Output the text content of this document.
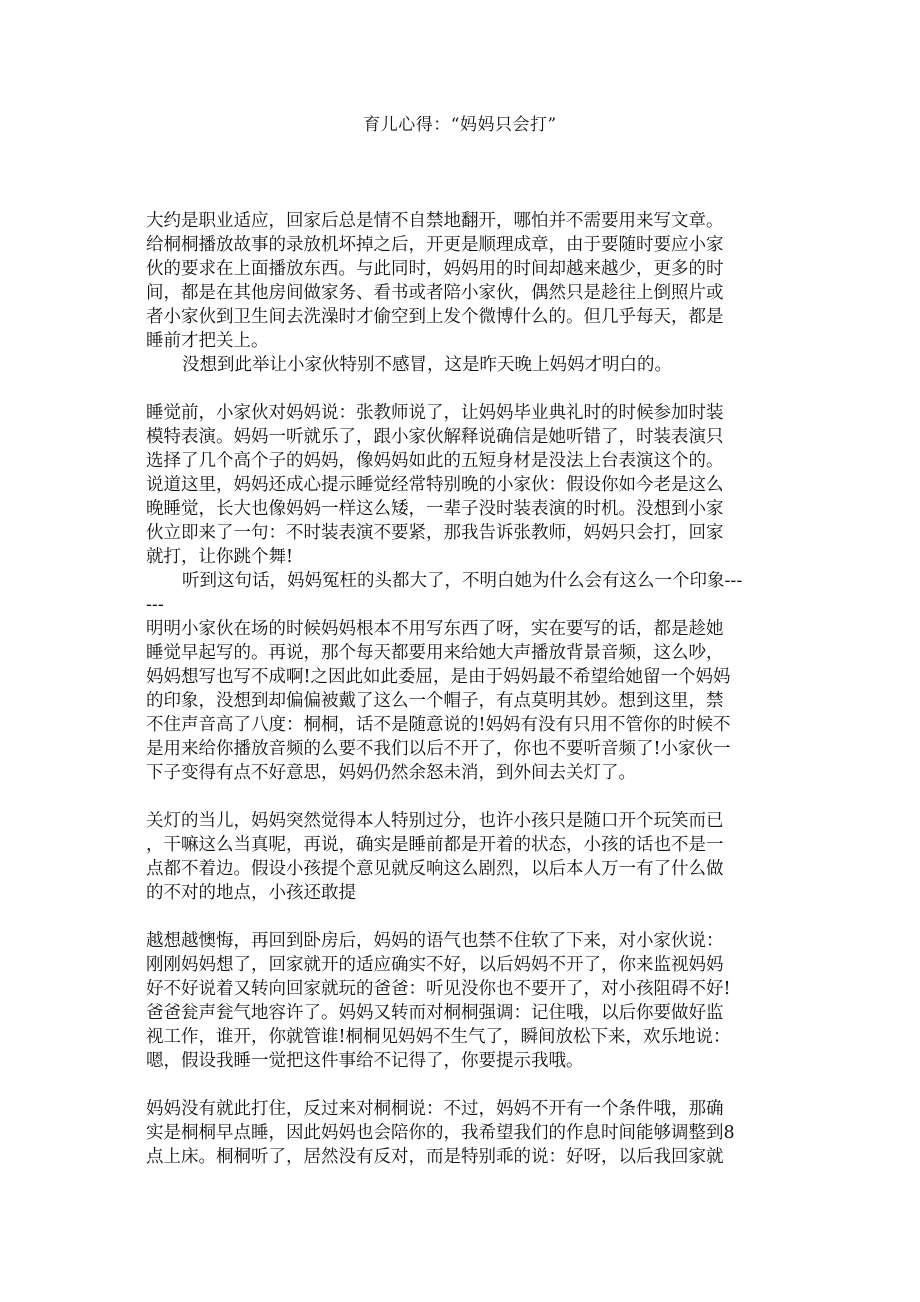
育儿心得：“妈妈只会打”
大约是职业适应，回家后总是情不自禁地翻开，哪怕并不需要用来写文章。
给桐桐播放故事的录放机坏掉之后，开更是顺理成章，由于要随时要应小家
伙的要求在上面播放东西。与此同时，妈妈用的时间却越来越少，更多的时
间，都是在其他房间做家务、看书或者陪小家伙，偶然只是趁往上倒照片或
者小家伙到卫生间去洗澡时才偷空到上发个微博什么的。但几乎每天，都是
睡前才把关上。
没想到此举让小家伙特别不感冒，这是昨天晚上妈妈才明白的。
睡觉前，小家伙对妈妈说：张教师说了，让妈妈毕业典礼时的时候参加时装
模特表演。妈妈一听就乐了，跟小家伙解释说确信是她听错了，时装表演只
选择了几个高个子的妈妈，像妈妈如此的五短身材是没法上台表演这个的。
说道这里，妈妈还成心提示睡觉经常特别晚的小家伙：假设你如今老是这么
晚睡觉，长大也像妈妈一样这么矮，一辈子没时装表演的时机。没想到小家
伙立即来了一句：不时装表演不要紧，那我告诉张教师，妈妈只会打，回家
就打，让你跳个舞!
听到这句话，妈妈冤枉的头都大了，不明白她为什么会有这么一个印象---
---
明明小家伙在场的时候妈妈根本不用写东西了呀，实在要写的话，都是趁她
睡觉早起写的。再说，那个每天都要用来给她大声播放背景音频，这么吵，
妈妈想写也写不成啊!之因此如此委屈，是由于妈妈最不希望给她留一个妈妈
的印象，没想到却偏偏被戴了这么一个帽子，有点莫明其妙。想到这里，禁
不住声音高了八度：桐桐，话不是随意说的!妈妈有没有只用不管你的时候不
是用来给你播放音频的么要不我们以后不开了，你也不要听音频了!小家伙一
下子变得有点不好意思，妈妈仍然余怒未消，到外间去关灯了。
关灯的当儿，妈妈突然觉得本人特别过分，也许小孩只是随口开个玩笑而已
，干嘛这么当真呢，再说，确实是睡前都是开着的状态，小孩的话也不是一
点都不着边。假设小孩提个意见就反响这么剧烈，以后本人万一有了什么做
的不对的地点，小孩还敢提
越想越懊悔，再回到卧房后，妈妈的语气也禁不住软了下来，对小家伙说：
刚刚妈妈想了，回家就开的适应确实不好，以后妈妈不开了，你来监视妈妈
好不好说着又转向回家就玩的爸爸：听见没你也不要开了，对小孩阻碍不好!
爸爸瓮声瓮气地容许了。妈妈又转而对桐桐强调：记住哦，以后你要做好监
视工作，谁开，你就管谁!桐桐见妈妈不生气了，瞬间放松下来，欢乐地说：
嗯，假设我睡一觉把这件事给不记得了，你要提示我哦。
妈妈没有就此打住，反过来对桐桐说：不过，妈妈不开有一个条件哦，那确
实是桐桐早点睡，因此妈妈也会陪你的，我希望我们的作息时间能够调整到8
点上床。桐桐听了，居然没有反对，而是特别乖的说：好呀，以后我回家就
